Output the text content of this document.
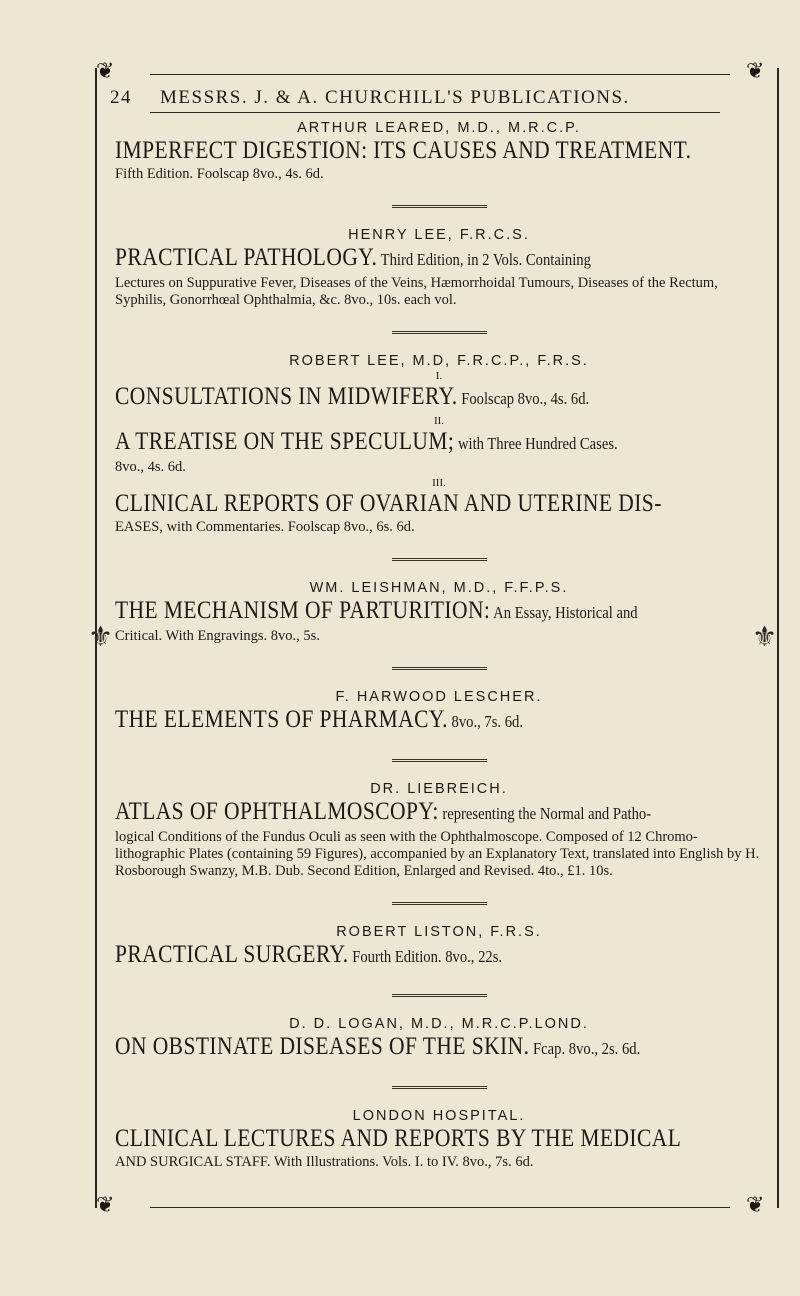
❦	❦
❦	❦
⚜	⚜
24 MESSRS. J. & A. CHURCHILL'S PUBLICATIONS.
ARTHUR LEARED, M.D., M.R.C.P.
IMPERFECT DIGESTION: ITS CAUSES AND TREATMENT.
Fifth Edition. Foolscap 8vo., 4s. 6d.
HENRY LEE, F.R.C.S.
PRACTICAL PATHOLOGY. Third Edition, in 2 Vols. Containing
Lectures on Suppurative Fever, Diseases of the Veins, Hæmorrhoidal Tumours, Diseases of the Rectum, Syphilis, Gonorrhœal Ophthalmia, &c. 8vo., 10s. each vol.
ROBERT LEE, M.D, F.R.C.P., F.R.S.
I.
CONSULTATIONS IN MIDWIFERY. Foolscap 8vo., 4s. 6d.
II.
A TREATISE ON THE SPECULUM; with Three Hundred Cases.
8vo., 4s. 6d.
III.
CLINICAL REPORTS OF OVARIAN AND UTERINE DIS-
EASES, with Commentaries. Foolscap 8vo., 6s. 6d.
WM. LEISHMAN, M.D., F.F.P.S.
THE MECHANISM OF PARTURITION: An Essay, Historical and
Critical. With Engravings. 8vo., 5s.
F. HARWOOD LESCHER.
THE ELEMENTS OF PHARMACY. 8vo., 7s. 6d.
DR. LIEBREICH.
ATLAS OF OPHTHALMOSCOPY: representing the Normal and Patho-
logical Conditions of the Fundus Oculi as seen with the Ophthalmoscope. Composed of 12 Chromo-lithographic Plates (containing 59 Figures), accompanied by an Explanatory Text, translated into English by H. Rosborough Swanzy, M.B. Dub. Second Edition, Enlarged and Revised. 4to., £1. 10s.
ROBERT LISTON, F.R.S.
PRACTICAL SURGERY. Fourth Edition. 8vo., 22s.
D. D. LOGAN, M.D., M.R.C.P.LOND.
ON OBSTINATE DISEASES OF THE SKIN. Fcap. 8vo., 2s. 6d.
LONDON HOSPITAL.
CLINICAL LECTURES AND REPORTS BY THE MEDICAL
AND SURGICAL STAFF. With Illustrations. Vols. I. to IV. 8vo., 7s. 6d.
